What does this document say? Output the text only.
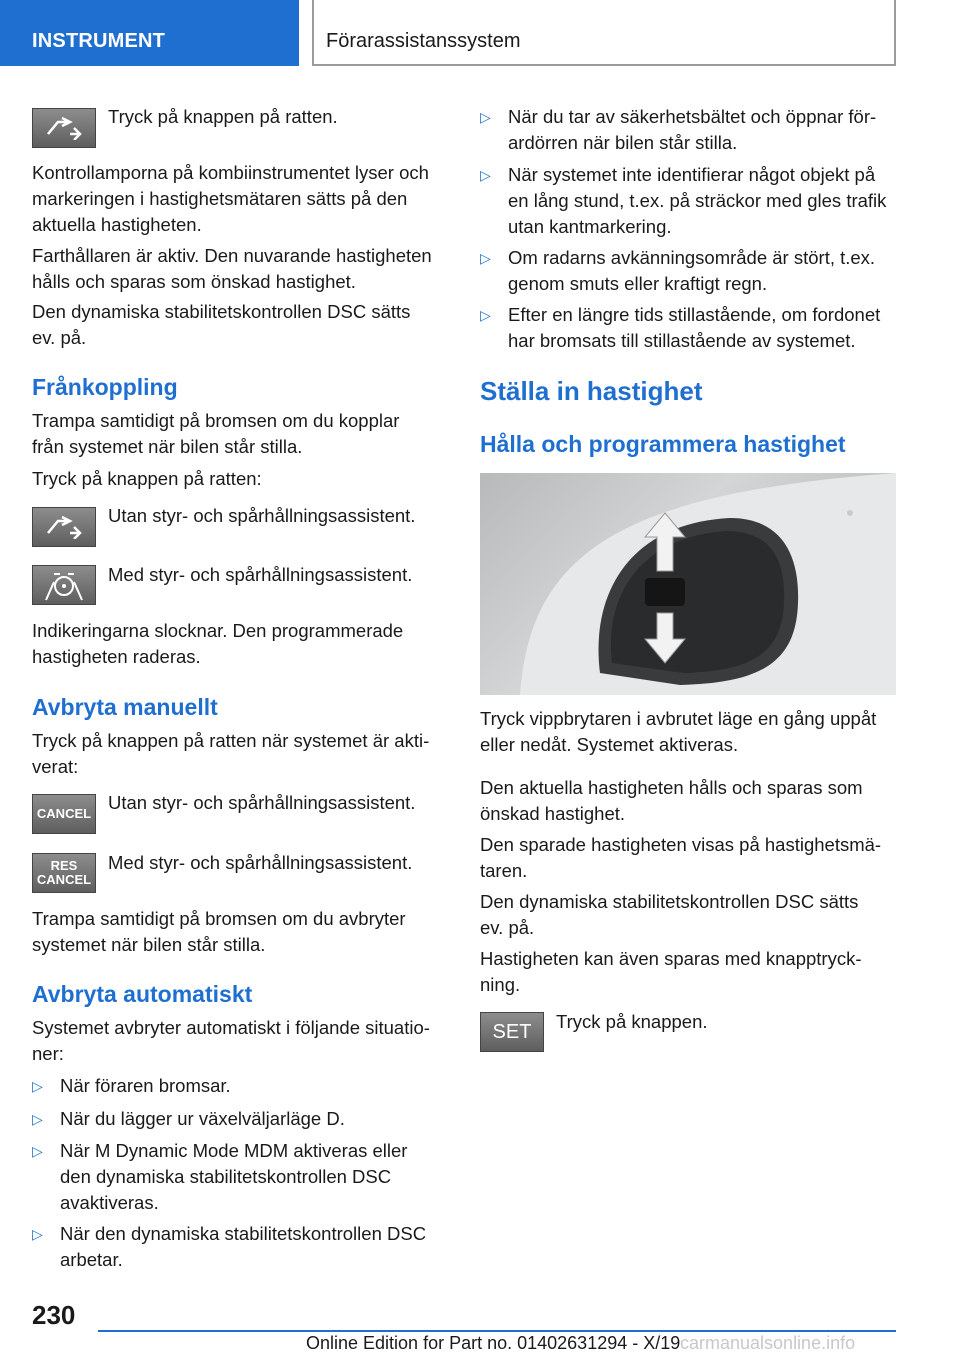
INSTRUMENT	Förarassistanssystem
Tryck på knappen på ratten.
Kontrollamporna på kombiinstrumentet lyser och
markeringen i hastighetsmätaren sätts på den
aktuella hastigheten.
Farthållaren är aktiv. Den nuvarande hastigheten
hålls och sparas som önskad hastighet.
Den dynamiska stabilitetskontrollen DSC sätts
ev. på.
Frånkoppling
Trampa samtidigt på bromsen om du kopplar
från systemet när bilen står stilla.
Tryck på knappen på ratten:
Utan styr- och spårhållningsassistent.
Med styr- och spårhållningsassistent.
Indikeringarna slocknar. Den programmerade
hastigheten raderas.
Avbryta manuellt
Tryck på knappen på ratten när systemet är akti‐
verat:
CANCEL
Utan styr- och spårhållningsassistent.
RES
CANCEL
Med styr- och spårhållningsassistent.
Trampa samtidigt på bromsen om du avbryter
systemet när bilen står stilla.
Avbryta automatiskt
Systemet avbryter automatiskt i följande situatio‐
ner:
▷ När föraren bromsar.
▷ När du lägger ur växelväljarläge D.
▷ När M Dynamic Mode MDM aktiveras eller
den dynamiska stabilitetskontrollen DSC
avaktiveras.
▷ När den dynamiska stabilitetskontrollen DSC
arbetar.
▷ När du tar av säkerhetsbältet och öppnar för‐
ardörren när bilen står stilla.
▷ När systemet inte identifierar något objekt på
en lång stund, t.ex. på sträckor med gles trafik
utan kantmarkering.
▷ Om radarns avkänningsområde är stört, t.ex.
genom smuts eller kraftigt regn.
▷ Efter en längre tids stillastående, om fordonet
har bromsats till stillastående av systemet.
Ställa in hastighet
Hålla och programmera hastighet
Tryck vippbrytaren i avbrutet läge en gång uppåt
eller nedåt. Systemet aktiveras.
Den aktuella hastigheten hålls och sparas som
önskad hastighet.
Den sparade hastigheten visas på hastighetsmä‐
taren.
Den dynamiska stabilitetskontrollen DSC sätts
ev. på.
Hastigheten kan även sparas med knapptryck‐
ning.
SET Tryck på knappen.
230
Online Edition for Part no. 01402631294 - X/19 carmanualsonline.info
